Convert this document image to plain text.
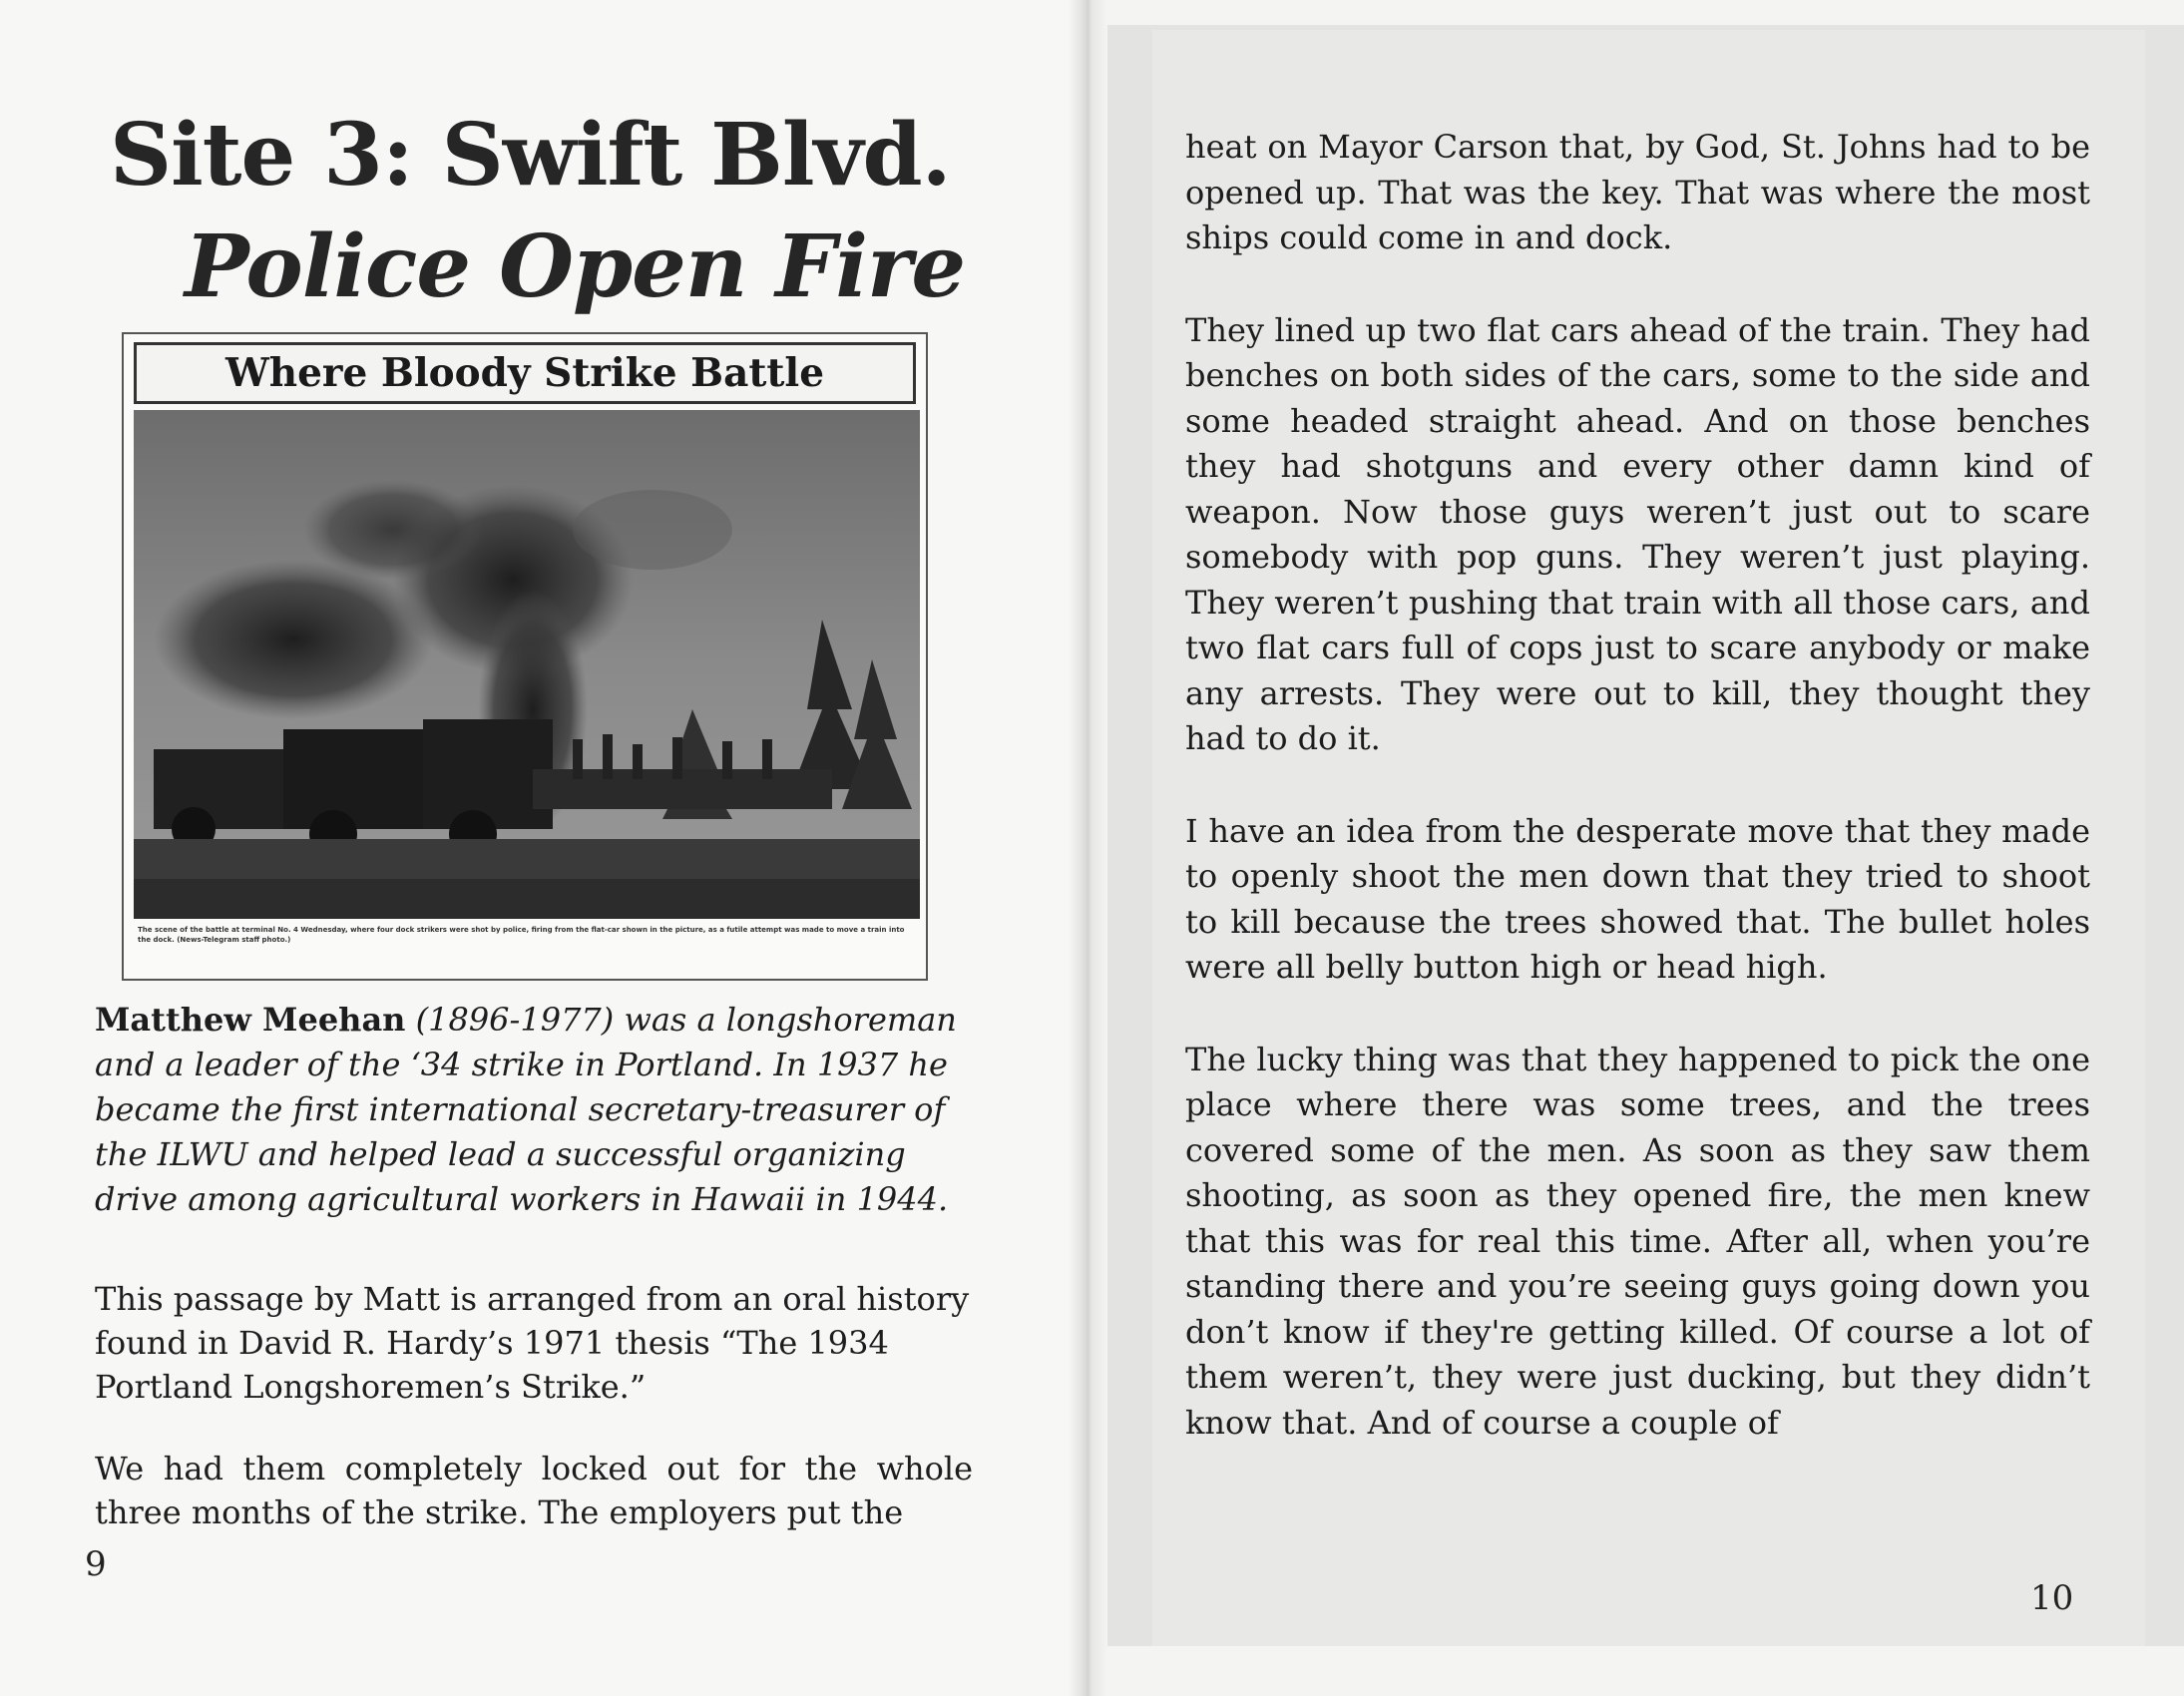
Site 3: Swift Blvd.
Police Open Fire
Where Bloody Strike Battle
The scene of the battle at terminal No. 4 Wednesday, where four dock strikers were shot by police, firing from the flat-car shown in the picture, as a futile attempt was made to move a train into the dock. (News-Telegram staff photo.)
Matthew Meehan (1896-1977) was a longshoreman and a leader of the ‘34 strike in Portland. In 1937 he became the first international secretary-treasurer of the ILWU and helped lead a successful organizing drive among agricultural workers in Hawaii in 1944.
This passage by Matt is arranged from an oral history found in David R. Hardy’s 1971 thesis “The 1934 Portland Longshoremen’s Strike.”
We had them completely locked out for the whole three months of the strike. The employers put the
9

heat on Mayor Carson that, by God, St. Johns had to be opened up. That was the key. That was where the most ships could come in and dock.

They lined up two flat cars ahead of the train. They had benches on both sides of the cars, some to the side and some headed straight ahead. And on those benches they had shotguns and every other damn kind of weapon. Now those guys weren’t just out to scare somebody with pop guns. They weren’t just playing. They weren’t pushing that train with all those cars, and two flat cars full of cops just to scare anybody or make any arrests. They were out to kill, they thought they had to do it.

I have an idea from the desperate move that they made to openly shoot the men down that they tried to shoot to kill because the trees showed that. The bullet holes were all belly button high or head high.

The lucky thing was that they happened to pick the one place where there was some trees, and the trees covered some of the men. As soon as they saw them shooting, as soon as they opened fire, the men knew that this was for real this time. After all, when you’re standing there and you’re seeing guys going down you don’t know if they're getting killed. Of course a lot of them weren’t, they were just ducking, but they didn’t know that. And of course a couple of

10
